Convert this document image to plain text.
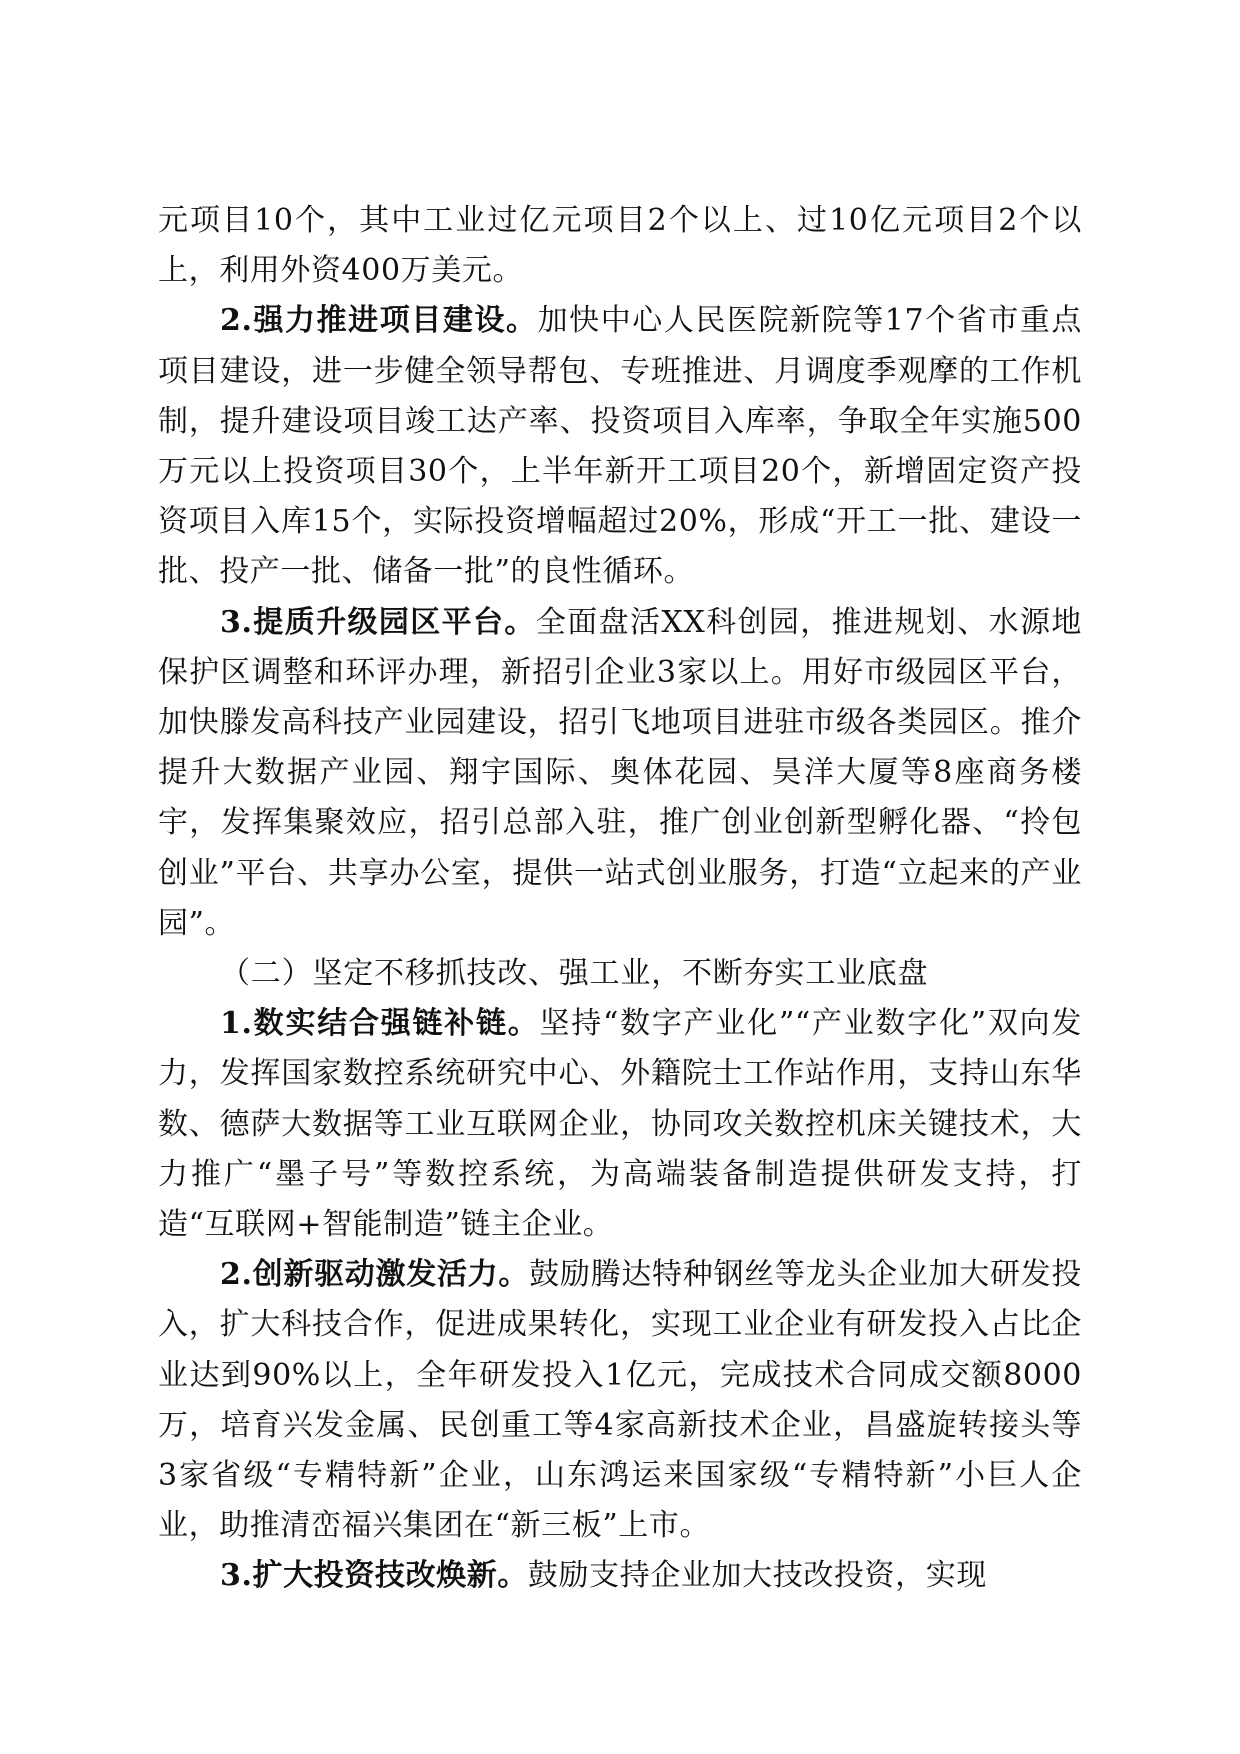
元项目10个，其中工业过亿元项目2个以上、过10亿元项目2个以上，利用外资400万美元。

2.强力推进项目建设。加快中心人民医院新院等17个省市重点项目建设，进一步健全领导帮包、专班推进、月调度季观摩的工作机制，提升建设项目竣工达产率、投资项目入库率，争取全年实施500万元以上投资项目30个，上半年新开工项目20个，新增固定资产投资项目入库15个，实际投资增幅超过20%，形成“开工一批、建设一批、投产一批、储备一批”的良性循环。

3.提质升级园区平台。全面盘活XX科创园，推进规划、水源地保护区调整和环评办理，新招引企业3家以上。用好市级园区平台，加快滕发高科技产业园建设，招引飞地项目进驻市级各类园区。推介提升大数据产业园、翔宇国际、奥体花园、昊洋大厦等8座商务楼宇，发挥集聚效应，招引总部入驻，推广创业创新型孵化器、“拎包创业”平台、共享办公室，提供一站式创业服务，打造“立起来的产业园”。

（二）坚定不移抓技改、强工业，不断夯实工业底盘

1.数实结合强链补链。坚持“数字产业化”“产业数字化”双向发力，发挥国家数控系统研究中心、外籍院士工作站作用，支持山东华数、德萨大数据等工业互联网企业，协同攻关数控机床关键技术，大力推广“墨子号”等数控系统，为高端装备制造提供研发支持，打造“互联网+智能制造”链主企业。

2.创新驱动激发活力。鼓励腾达特种钢丝等龙头企业加大研发投入，扩大科技合作，促进成果转化，实现工业企业有研发投入占比企业达到90%以上，全年研发投入1亿元，完成技术合同成交额8000万，培育兴发金属、民创重工等4家高新技术企业，昌盛旋转接头等3家省级“专精特新”企业，山东鸿运来国家级“专精特新”小巨人企业，助推清峦福兴集团在“新三板”上市。

3.扩大投资技改焕新。鼓励支持企业加大技改投资，实现
